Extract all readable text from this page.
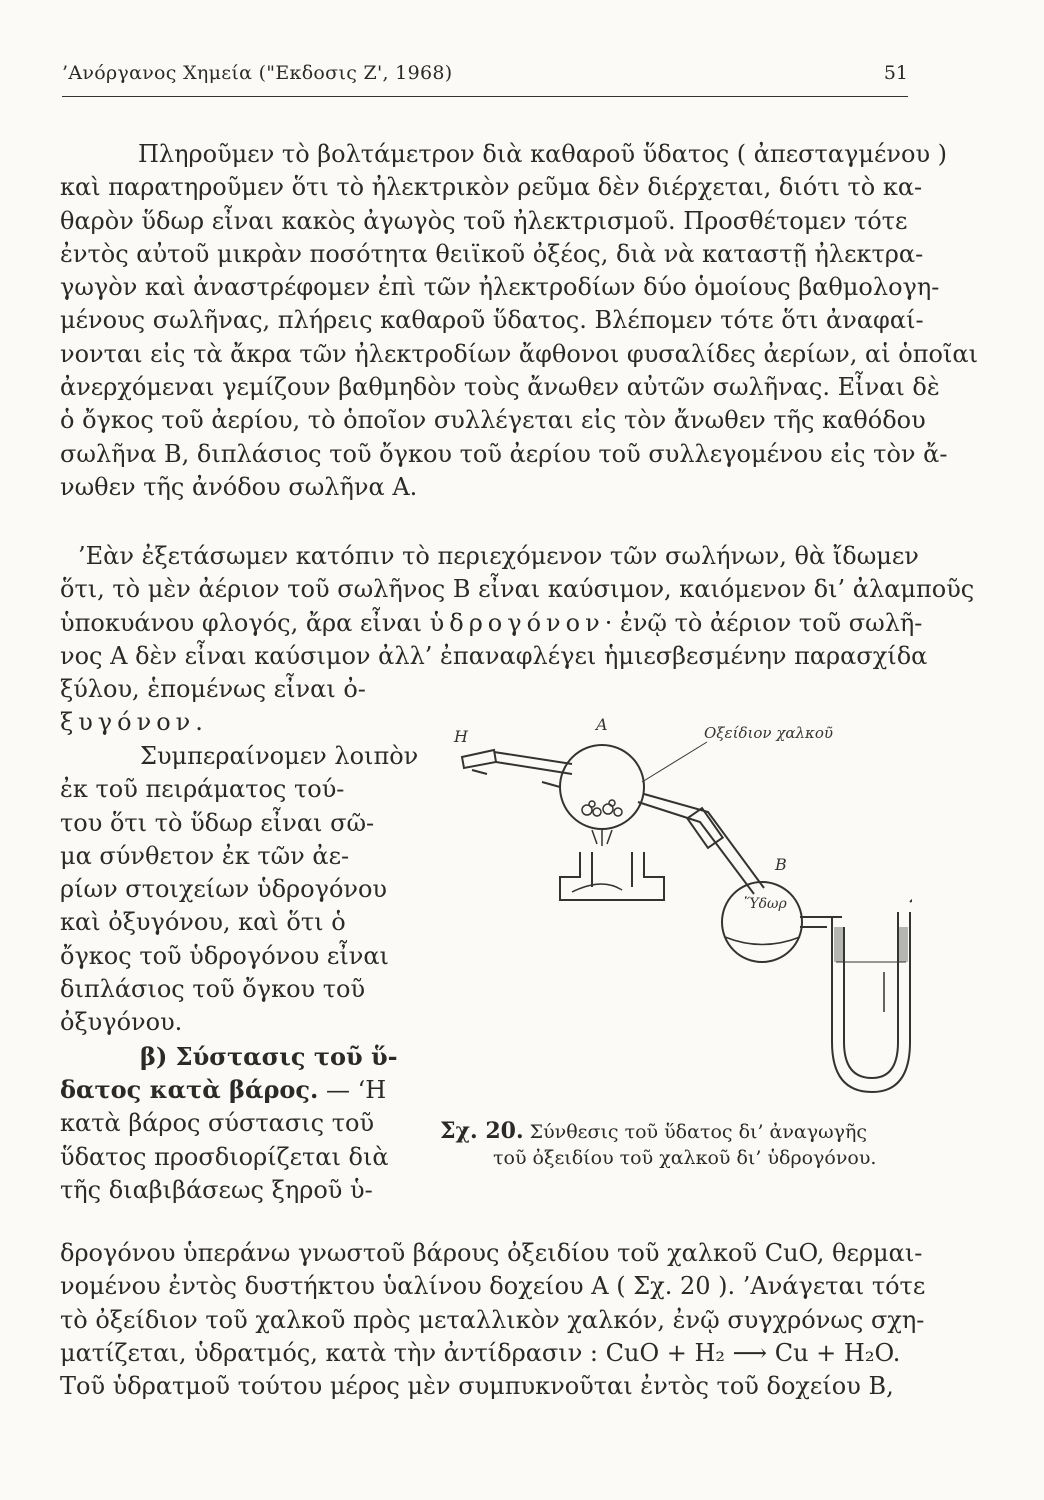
’Ανόργανος Χημεία ("Εκδοσις Ζ', 1968)	51
Πληροῦμεν τὸ βολτάμετρον διὰ καθαροῦ ὕδατος ( ἀπεσταγμένου )
καὶ παρατηροῦμεν ὅτι τὸ ἠλεκτρικὸν ρεῦμα δὲν διέρχεται, διότι τὸ κα-
θαρὸν ὕδωρ εἶναι κακὸς ἀγωγὸς τοῦ ἠλεκτρισμοῦ. Προσθέτομεν τότε
ἐντὸς αὐτοῦ μικρὰν ποσότητα θειϊκοῦ ὀξέος, διὰ νὰ καταστῇ ἠλεκτρα-
γωγὸν καὶ ἀναστρέφομεν ἐπὶ τῶν ἠλεκτροδίων δύο ὁμοίους βαθμολογη-
μένους σωλῆνας, πλήρεις καθαροῦ ὕδατος. Βλέπομεν τότε ὅτι ἀναφαί-
νονται εἰς τὰ ἄκρα τῶν ἠλεκτροδίων ἄφθονοι φυσαλίδες ἀερίων, αἱ ὁποῖαι
ἀνερχόμεναι γεμίζουν βαθμηδὸν τοὺς ἄνωθεν αὐτῶν σωλῆνας. Εἶναι δὲ
ὁ ὄγκος τοῦ ἀερίου, τὸ ὁποῖον συλλέγεται εἰς τὸν ἄνωθεν τῆς καθόδου
σωλῆνα Β, διπλάσιος τοῦ ὄγκου τοῦ ἀερίου τοῦ συλλεγομένου εἰς τὸν ἄ-
νωθεν τῆς ἀνόδου σωλῆνα Α.
’Εὰν ἐξετάσωμεν κατόπιν τὸ περιεχόμενον τῶν σωλήνων, θὰ ἴδωμεν
ὅτι, τὸ μὲν ἀέριον τοῦ σωλῆνος Β εἶναι καύσιμον, καιόμενον δι’ ἀλαμποῦς
ὑποκυάνου φλογός, ἄρα εἶναι ὑδρογόνον· ἐνῷ τὸ ἀέριον τοῦ σωλῆ-
νος Α δὲν εἶναι καύσιμον ἀλλ’ ἐπαναφλέγει ἡμιεσβεσμένην παρασχίδα
ξύλου, ἑπομένως εἶναι ὀ-
ξυγόνον.
Συμπεραίνομεν λοιπὸν
ἐκ τοῦ πειράματος τού-
του ὅτι τὸ ὕδωρ εἶναι σῶ-
μα σύνθετον ἐκ τῶν ἀε-
ρίων στοιχείων ὑδρογόνου
καὶ ὀξυγόνου, καὶ ὅτι ὁ
ὄγκος τοῦ ὑδρογόνου εἶναι
διπλάσιος τοῦ ὄγκου τοῦ
ὀξυγόνου.
β) Σύστασις τοῦ ὕ-
δατος κατὰ βάρος. — ‘Η
κατὰ βάρος σύστασις τοῦ
ὕδατος προσδιορίζεται διὰ
τῆς διαβιβάσεως ξηροῦ ὑ-
H
A	Οξείδιον χαλκοῦ
B
Ὕδωρ
Σχ. 20. Σύνθεσις τοῦ ὕδατος δι’ ἀναγωγῆς
τοῦ ὀξειδίου τοῦ χαλκοῦ δι’ ὑδρογόνου.
δρογόνου ὑπεράνω γνωστοῦ βάρους ὀξειδίου τοῦ χαλκοῦ CuO, θερμαι-
νομένου ἐντὸς δυστήκτου ὑαλίνου δοχείου Α ( Σχ. 20 ). ’Ανάγεται τότε
τὸ ὀξείδιον τοῦ χαλκοῦ πρὸς μεταλλικὸν χαλκόν, ἐνῷ συγχρόνως σχη-
ματίζεται, ὑδρατμός, κατὰ τὴν ἀντίδρασιν : CuO + H₂ ⟶ Cu + H₂O.
Τοῦ ὑδρατμοῦ τούτου μέρος μὲν συμπυκνοῦται ἐντὸς τοῦ δοχείου Β,
